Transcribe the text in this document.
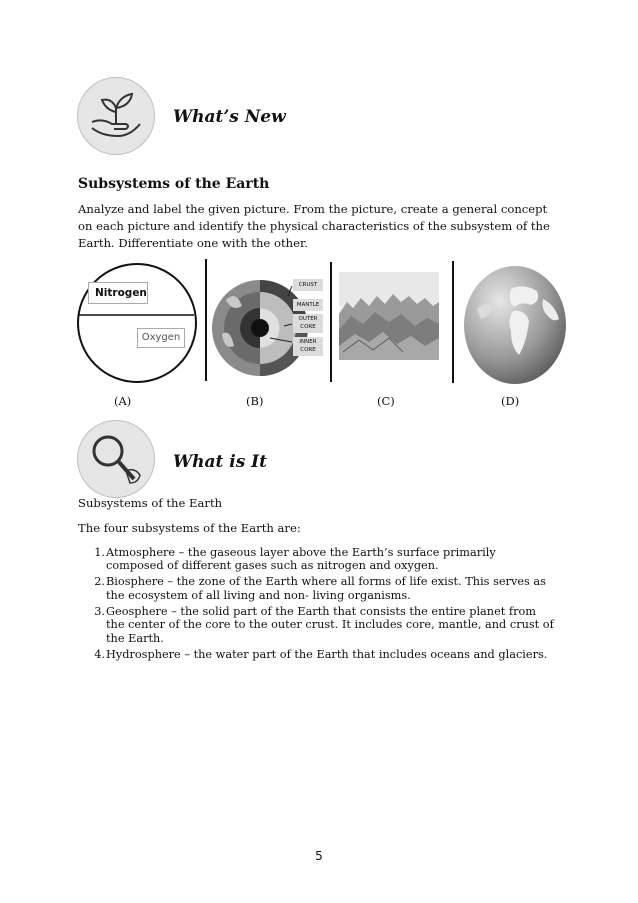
What’s New
Subsystems of the Earth
Analyze and label the given picture. From the picture, create a general concept on each picture and identify the physical characteristics of the subsystem of the Earth. Differentiate one with the other.
Nitrogen
Oxygen
CRUST
MANTLE
OUTER
CORE
INNER
CORE
(A)	(B)	(C)	(D)
What is It
Subsystems of the Earth
The four subsystems of the Earth are:
1. Atmosphere – the gaseous layer above the Earth’s surface primarily composed of different gases such as nitrogen and oxygen.
2. Biosphere – the zone of the Earth where all forms of life exist. This serves as the ecosystem of all living and non- living organisms.
3. Geosphere – the solid part of the Earth that consists the entire planet from the center of the core to the outer crust. It includes core, mantle, and crust of the Earth.
4. Hydrosphere – the water part of the Earth that includes oceans and glaciers.
5
